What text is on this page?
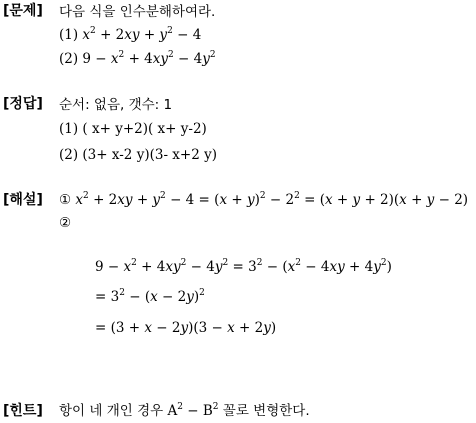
[문제] 다음 식을 인수분해하여라.
(1) $x^2 + 2xy + y^2 - 4$
(2) $9 - x^2 + 4xy^2 - 4y^2$
[정답] 순서: 없음, 갯수: 1
(1) ( x+ y+2)( x+ y-2)
(2) (3+ x-2 y)(3- x+2 y)
[해설] ① $x^2 + 2xy + y^2 - 4 = (x + y)^2 - 2^2 = (x + y + 2)(x + y - 2)$
②
$9 - x^2 + 4xy^2 - 4y^2 = 3^2 - (x^2 - 4xy + 4y^2)$
= $3^2 - (x - 2y)^2$
= (3 + x − 2y)(3 − x + 2y)
[힌트] 항이 네 개인 경우 $A^2 - B^2$ 꼴로 변형한다.
